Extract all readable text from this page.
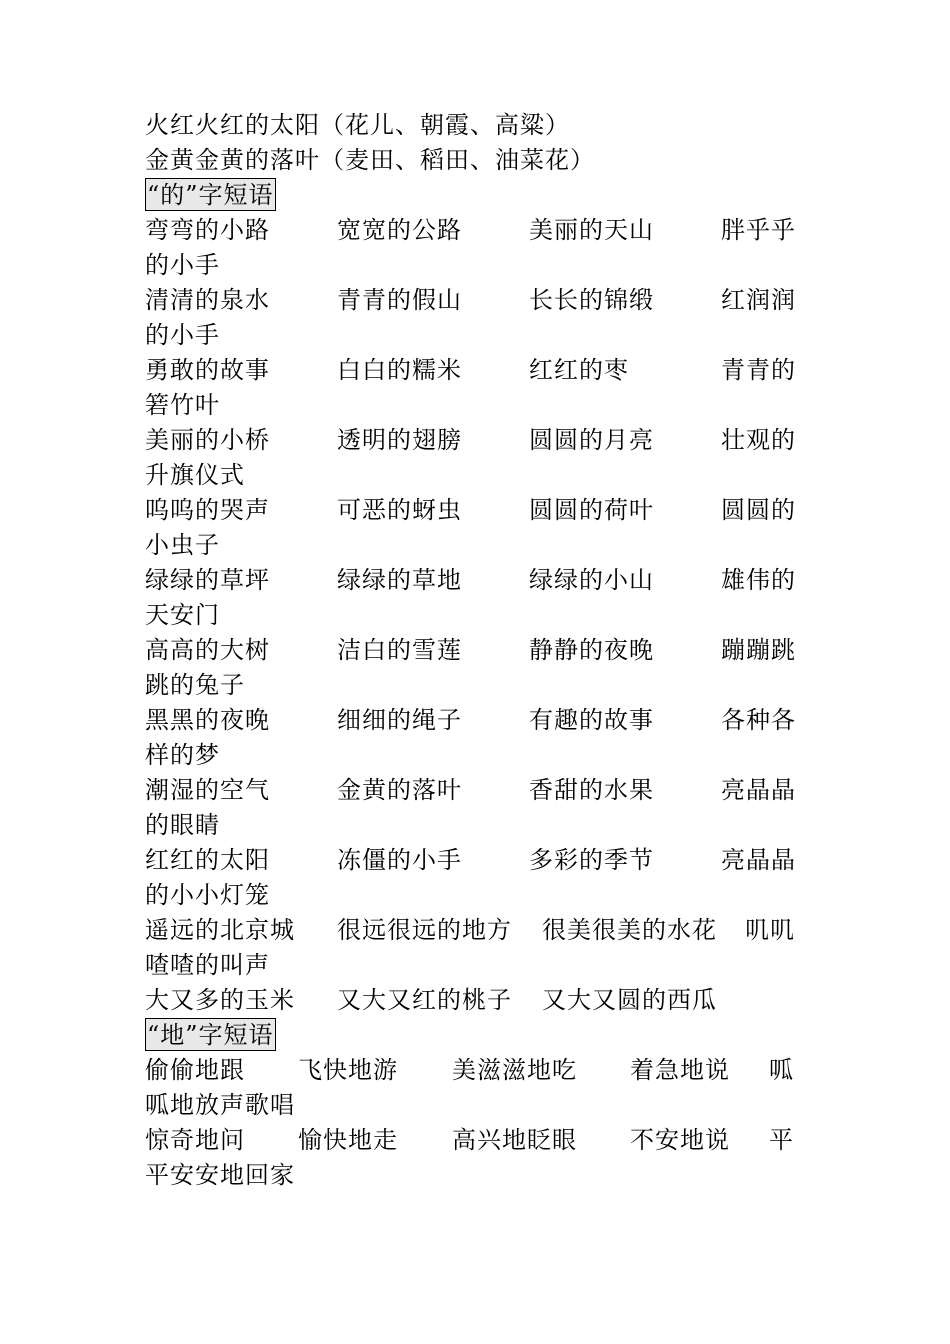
火红火红的太阳（花儿、朝霞、高粱）
金黄金黄的落叶（麦田、稻田、油菜花）
“的”字短语
弯弯的小路	宽宽的公路	美丽的天山	胖乎乎
的小手
清清的泉水	青青的假山	长长的锦缎	红润润
的小手
勇敢的故事	白白的糯米	红红的枣	青青的
箬竹叶
美丽的小桥	透明的翅膀	圆圆的月亮	壮观的
升旗仪式
呜呜的哭声	可恶的蚜虫	圆圆的荷叶	圆圆的
小虫子
绿绿的草坪	绿绿的草地	绿绿的小山	雄伟的
天安门
高高的大树	洁白的雪莲	静静的夜晚	蹦蹦跳
跳的兔子
黑黑的夜晚	细细的绳子	有趣的故事	各种各
样的梦
潮湿的空气	金黄的落叶	香甜的水果	亮晶晶
的眼睛
红红的太阳	冻僵的小手	多彩的季节	亮晶晶
的小小灯笼
遥远的北京城 很远很远的地方 很美很美的水花 叽叽
喳喳的叫声
大又多的玉米 又大又红的桃子 又大又圆的西瓜
“地”字短语
偷偷地跟 飞快地游 美滋滋地吃 着急地说 呱
呱地放声歌唱
惊奇地问 愉快地走 高兴地眨眼 不安地说 平
平安安地回家
